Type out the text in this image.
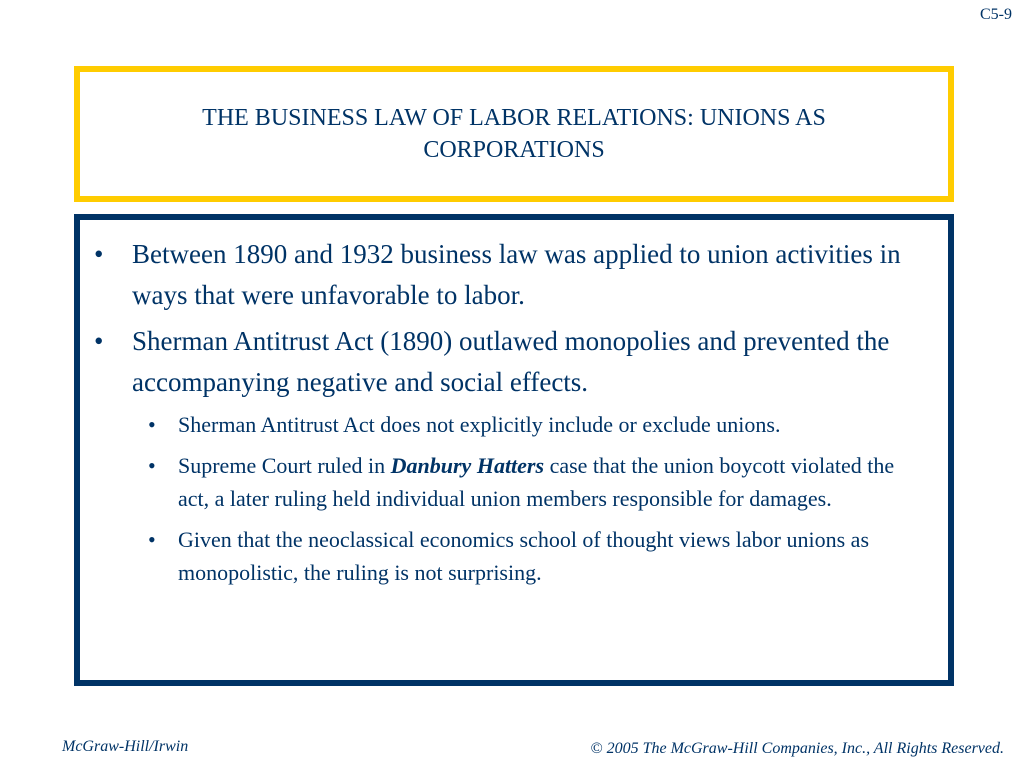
C5-9
THE BUSINESS LAW OF LABOR RELATIONS: UNIONS AS CORPORATIONS
• Between 1890 and 1932 business law was applied to union activities in ways that were unfavorable to labor.
• Sherman Antitrust Act (1890) outlawed monopolies and prevented the accompanying negative and social effects.
• Sherman Antitrust Act does not explicitly include or exclude unions.
• Supreme Court ruled in Danbury Hatters case that the union boycott violated the act, a later ruling held individual union members responsible for damages.
• Given that the neoclassical economics school of thought views labor unions as monopolistic, the ruling is not surprising.
McGraw-Hill/Irwin	© 2005 The McGraw-Hill Companies, Inc., All Rights Reserved.
